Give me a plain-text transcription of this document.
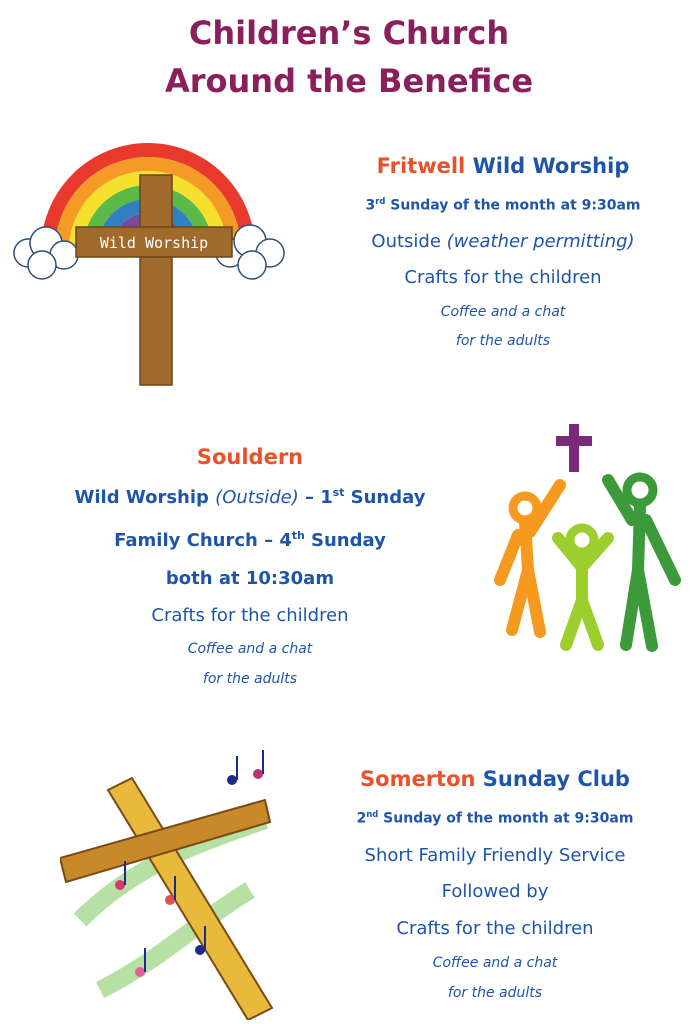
Children’s Church
Around the Benefice
Wild Worship
Fritwell Wild Worship
3rd Sunday of the month at 9:30am
Outside (weather permitting)
Crafts for the children
Coffee and a chat
for the adults
Souldern
Wild Worship (Outside) – 1st Sunday
Family Church – 4th Sunday
both at 10:30am
Crafts for the children
Coffee and a chat
for the adults
Somerton Sunday Club
2nd Sunday of the month at 9:30am
Short Family Friendly Service
Followed by
Crafts for the children
Coffee and a chat
for the adults
